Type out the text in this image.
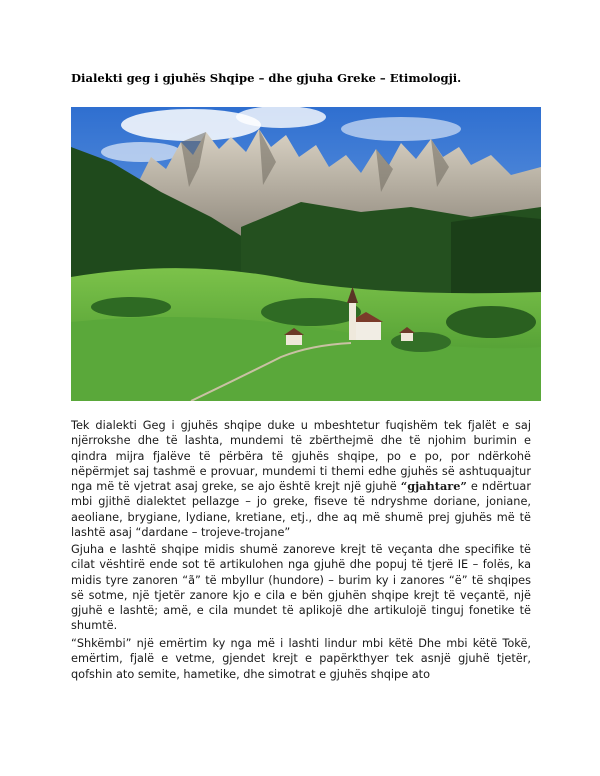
Dialekti geg i gjuhës Shqipe – dhe gjuha Greke – Etimologji.

Tek dialekti Geg i gjuhës shqipe duke u mbeshtetur fuqishëm tek fjalët e saj njërrokshe dhe të lashta, mundemi të zbërthejmë dhe të njohim burimin e qindra mijra fjalëve të përbëra të gjuhës shqipe, po e po, por ndërkohë nëpërmjet saj tashmë e provuar, mundemi ti themi edhe gjuhës së ashtuquajtur nga më të vjetrat asaj greke, se ajo është krejt një gjuhë “gjahtare” e ndërtuar mbi gjithë dialektet pellazge – jo greke, fiseve të ndryshme doriane, joniane, aeoliane, brygiane, lydiane, kretiane, etj., dhe aq më shumë prej gjuhës më të lashtë asaj “dardane – trojeve-trojane”

Gjuha e lashtë shqipe midis shumë zanoreve krejt të veçanta dhe specifike të cilat vështirë ende sot të artikulohen nga gjuhë dhe popuj të tjerë IE – folës, ka midis tyre zanoren “ã” të mbyllur (hundore) – burim ky i zanores “ë” të shqipes së sotme, një tjetër zanore kjo e cila e bën gjuhën shqipe krejt të veçantë, një gjuhë e lashtë; amë, e cila mundet të aplikojë dhe artikulojë tinguj fonetike të shumtë.

“Shkëmbi” një emërtim ky nga më i lashti lindur mbi këtë Dhe mbi këtë Tokë, emërtim, fjalë e vetme, gjendet krejt e papërkthyer tek asnjë gjuhë tjetër, qofshin ato semite, hametike, dhe simotrat e gjuhës shqipe ato
